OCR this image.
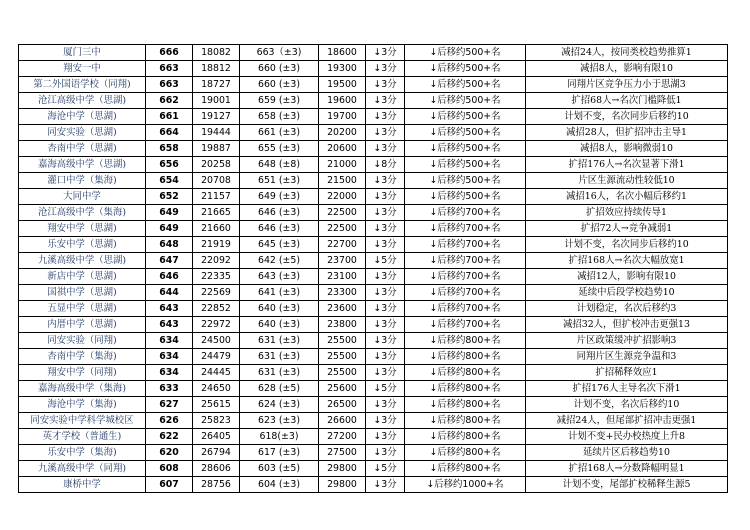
厦门三中	666	18082	663（±3)	18600	↓3分	↓后移约500+名	减招24人，按同类校趋势推算1
翔安一中	663	18812	660 (±3)	19300	↓3分	↓后移约500+名	减招8人，影响有限10
第二外国语学校（同翔)	663	18727	660 (±3)	19500	↓3分	↓后移约500+名	同翔片区竞争压力小于思湖3
沧江高级中学（思湖)	662	19001	659 (±3)	19600	↓3分	↓后移约500+名	扩招68人→名次门槛降低1
海沧中学（思湖)	661	19127	658 (±3)	19700	↓3分	↓后移约500+名	计划不变，名次同步后移约10
同安实验（思湖)	664	19444	661 (±3)	20200	↓3分	↓后移约500+名	减招28人，但扩招冲击主导1
杏南中学（思湖)	658	19887	655 (±3)	20600	↓3分	↓后移约500+名	减招8人，影响微弱10
嘉海高级中学（思湖)	656	20258	648 (±8)	21000	↓8分	↓后移约500+名	扩招176人→名次显著下滑1
灌口中学（集海)	654	20708	651 (±3)	21500	↓3分	↓后移约500+名	片区生源流动性较低10
大同中学	652	21157	649 (±3)	22000	↓3分	↓后移约500+名	减招16人，名次小幅后移约1
沧江高级中学（集海)	649	21665	646 (±3)	22500	↓3分	↓后移约700+名	扩招效应持续传导1
翔安中学（思湖)	649	21660	646 (±3)	22500	↓3分	↓后移约700+名	扩招72人→竞争减弱1
乐安中学（思湖)	648	21919	645 (±3)	22700	↓3分	↓后移约700+名	计划不变，名次同步后移约10
九溪高级中学（思湖)	647	22092	642 (±5)	23700	↓5分	↓后移约700+名	扩招168人→名次大幅放宽1
新店中学（思湖)	646	22335	643 (±3)	23100	↓3分	↓后移约700+名	减招12人，影响有限10
国祺中学（思湖)	644	22569	641 (±3)	23300	↓3分	↓后移约700+名	延续中后段学校趋势10
五显中学（思湖)	643	22852	640 (±3)	23600	↓3分	↓后移约700+名	计划稳定，名次后移约3
内厝中学（思湖)	643	22972	640 (±3)	23800	↓3分	↓后移约700+名	减招32人，但扩校冲击更强13
同安实验（同翔)	634	24500	631 (±3)	25500	↓3分	↓后移约800+名	片区政策缓冲扩招影响3
杏南中学（集海)	634	24479	631 (±3)	25500	↓3分	↓后移约800+名	同翔片区生源竞争温和3
翔安中学（同翔)	634	24445	631 (±3)	25500	↓3分	↓后移约800+名	扩招稀释效应1
嘉海高级中学（集海)	633	24650	628 (±5)	25600	↓5分	↓后移约800+名	扩招176人主导名次下滑1
海沧中学（集海)	627	25615	624 (±3)	26500	↓3分	↓后移约800+名	计划不变，名次后移约10
同安实验中学科学城校区	626	25823	623 (±3)	26600	↓3分	↓后移约800+名	减招24人，但尾部扩招冲击更强1
英才学校（普通生)	622	26405	618(±3)	27200	↓3分	↓后移约800+名	计划不变+民办校热度上升8
乐安中学（集海)	620	26794	617 (±3)	27500	↓3分	↓后移约800+名	延续片区后移趋势10
九溪高级中学（同翔)	608	28606	603 (±5)	29800	↓5分	↓后移约800+名	扩招168人→分数降幅明显1
康桥中学	607	28756	604 (±3)	29800	↓3分	↓后移约1000+名	计划不变，尾部扩校稀释生源5
